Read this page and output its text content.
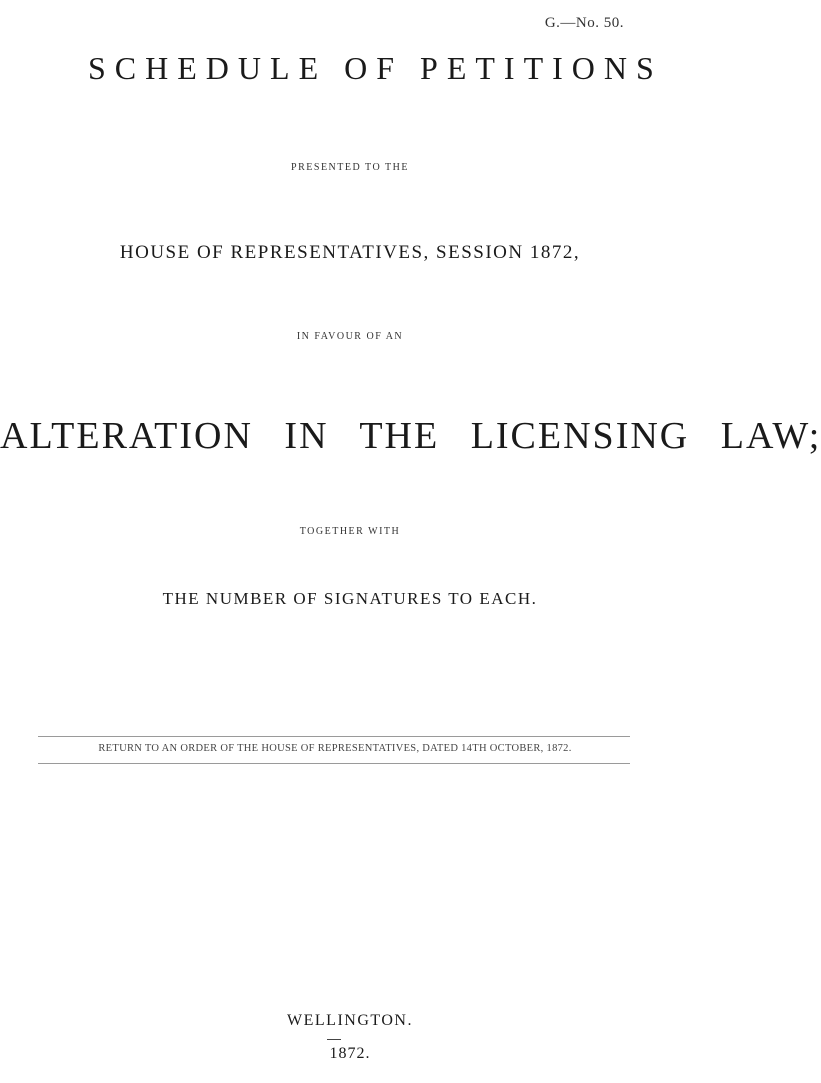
G.—No. 50.
SCHEDULE OF PETITIONS
PRESENTED TO THE
HOUSE OF REPRESENTATIVES, SESSION 1872,
IN FAVOUR OF AN
ALTERATION IN THE LICENSING LAW;
TOGETHER WITH
THE NUMBER OF SIGNATURES TO EACH.
RETURN TO AN ORDER OF THE HOUSE OF REPRESENTATIVES, DATED 14TH OCTOBER, 1872.
WELLINGTON.
1872.
